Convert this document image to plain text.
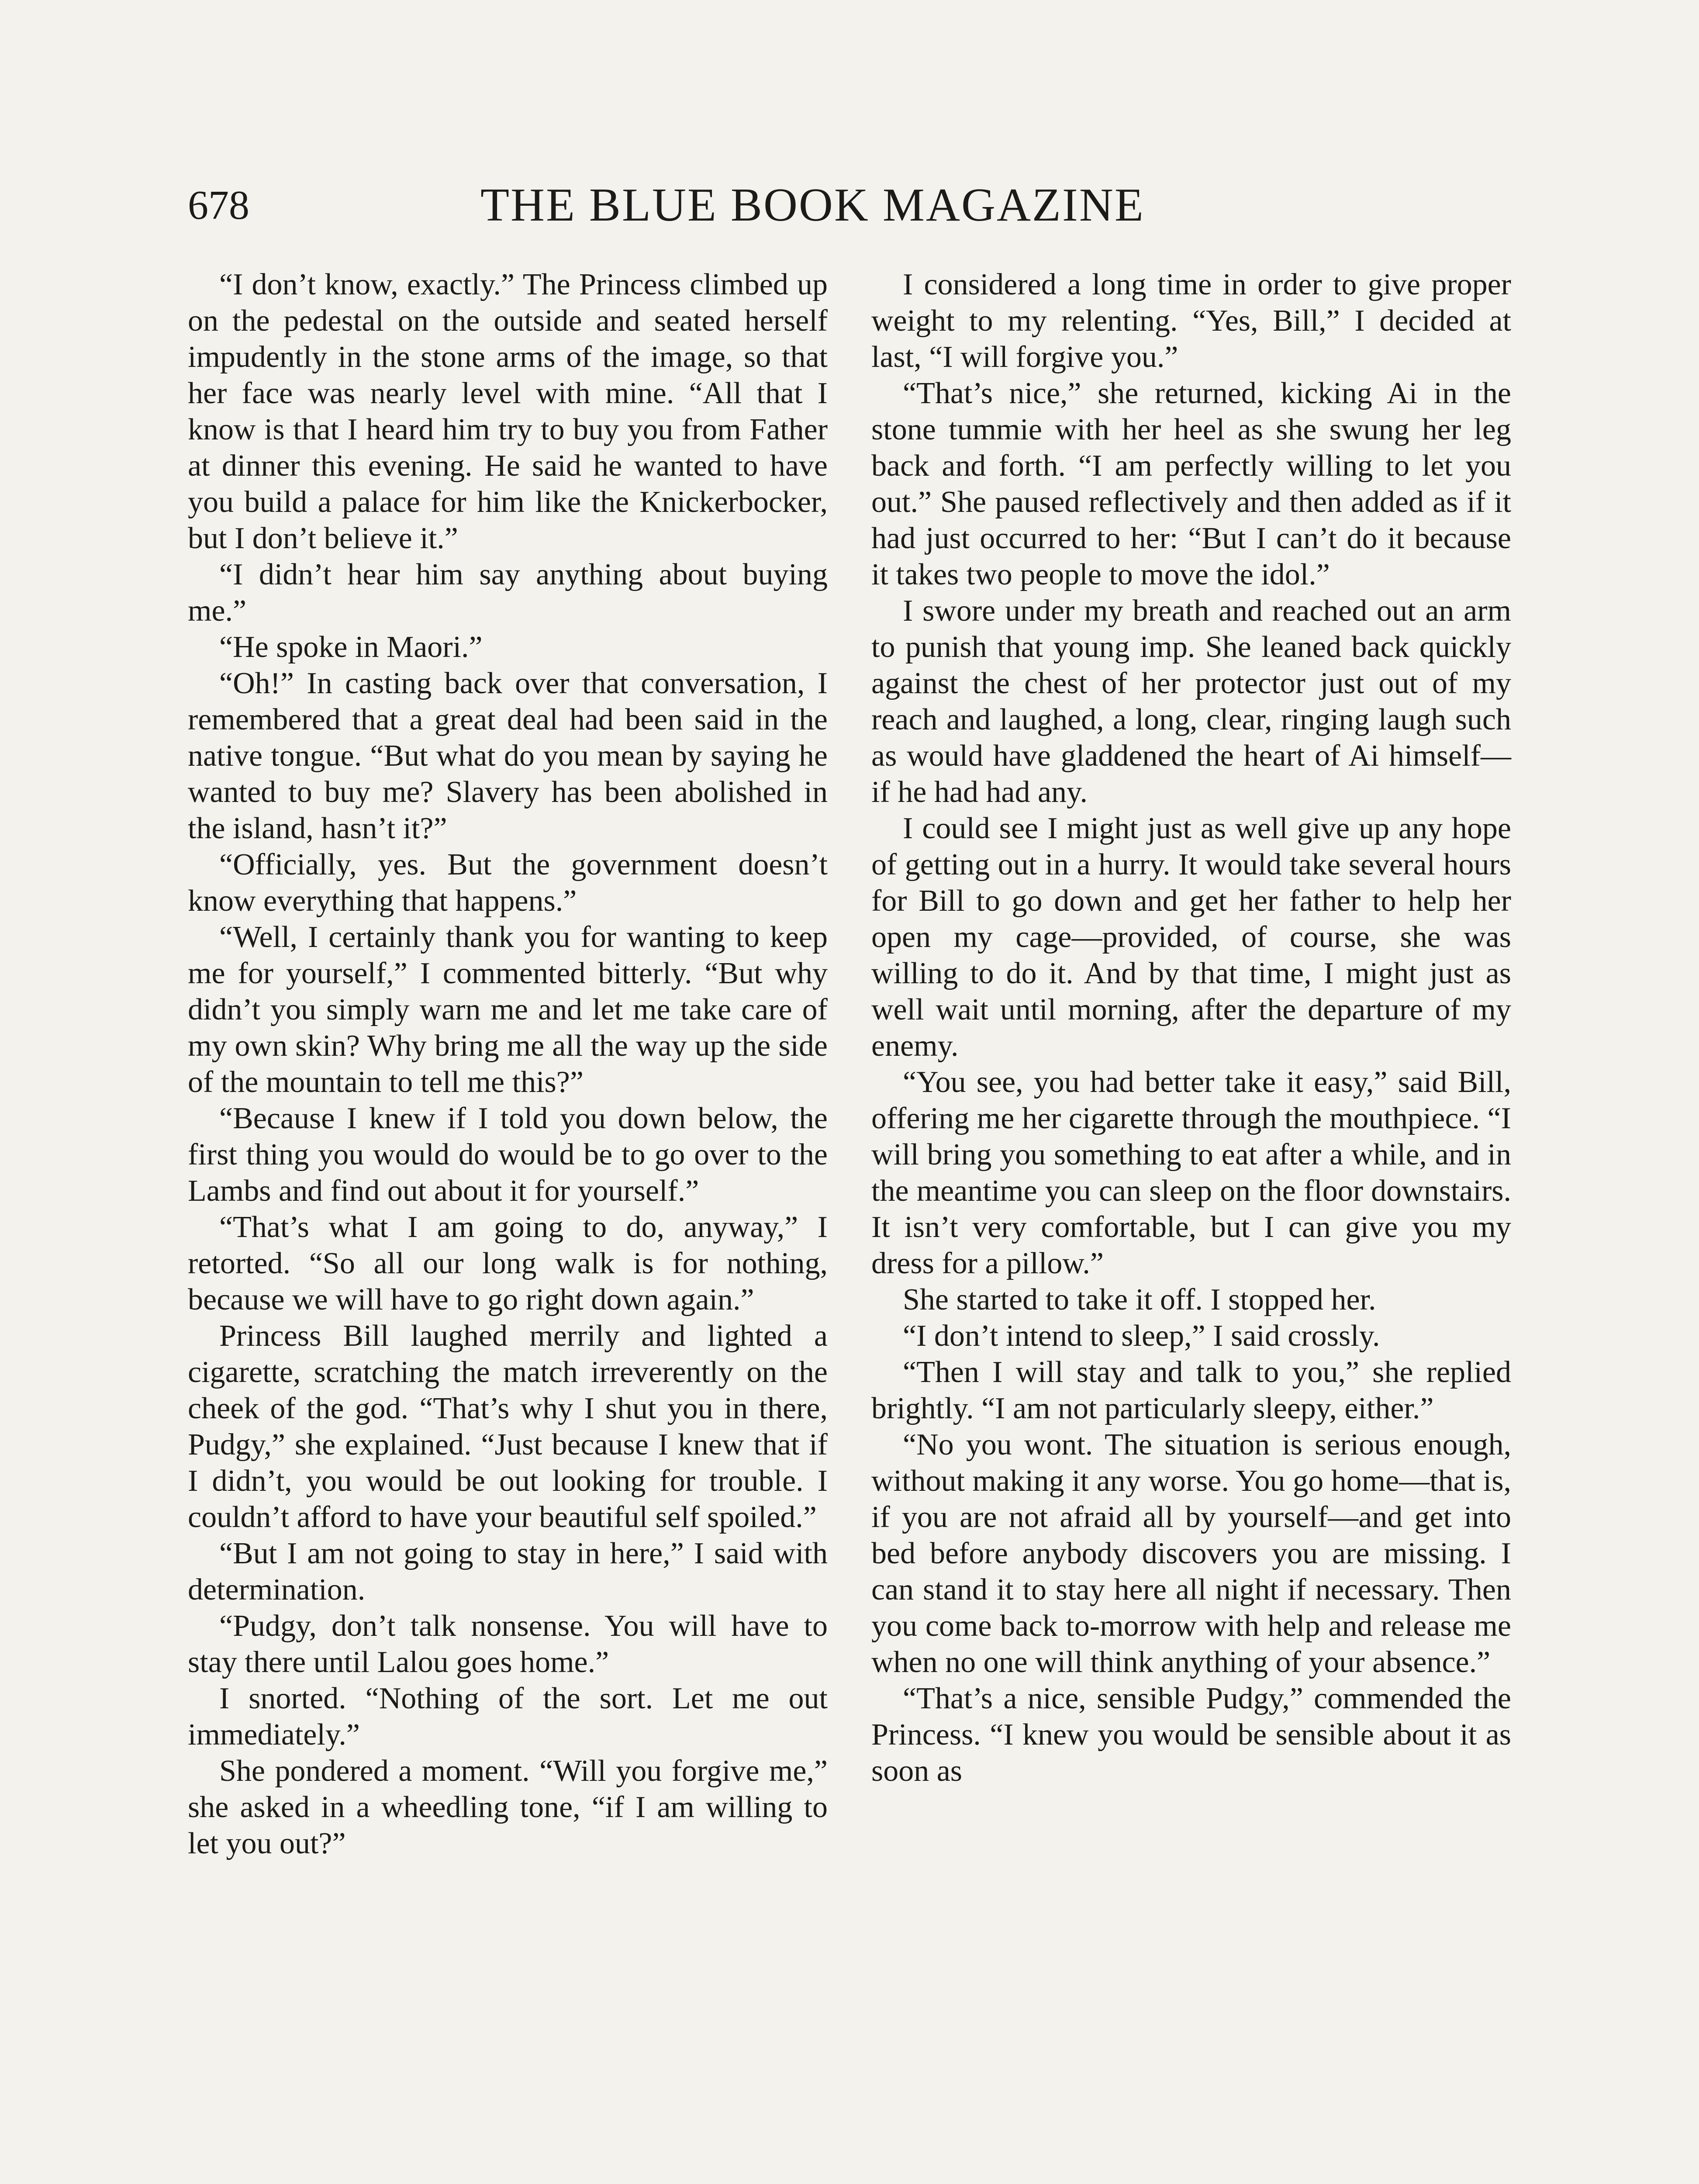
678	THE BLUE BOOK MAGAZINE

“I don’t know, exactly.” The Princess climbed up on the pedestal on the outside and seated herself impudently in the stone arms of the image, so that her face was nearly level with mine. “All that I know is that I heard him try to buy you from Father at dinner this evening. He said he wanted to have you build a palace for him like the Knickerbocker, but I don’t believe it.”

“I didn’t hear him say anything about buying me.”

“He spoke in Maori.”

“Oh!” In casting back over that conversation, I remembered that a great deal had been said in the native tongue. “But what do you mean by saying he wanted to buy me? Slavery has been abolished in the island, hasn’t it?”

“Officially, yes. But the government doesn’t know everything that happens.”

“Well, I certainly thank you for wanting to keep me for yourself,” I commented bitterly. “But why didn’t you simply warn me and let me take care of my own skin? Why bring me all the way up the side of the mountain to tell me this?”

“Because I knew if I told you down below, the first thing you would do would be to go over to the Lambs and find out about it for yourself.”

“That’s what I am going to do, anyway,” I retorted. “So all our long walk is for nothing, because we will have to go right down again.”

Princess Bill laughed merrily and lighted a cigarette, scratching the match irreverently on the cheek of the god. “That’s why I shut you in there, Pudgy,” she explained. “Just because I knew that if I didn’t, you would be out looking for trouble. I couldn’t afford to have your beautiful self spoiled.”

“But I am not going to stay in here,” I said with determination.

“Pudgy, don’t talk nonsense. You will have to stay there until Lalou goes home.”

I snorted. “Nothing of the sort. Let me out immediately.”

She pondered a moment. “Will you forgive me,” she asked in a wheedling tone, “if I am willing to let you out?”

I considered a long time in order to give proper weight to my relenting. “Yes, Bill,” I decided at last, “I will forgive you.”

“That’s nice,” she returned, kicking Ai in the stone tummie with her heel as she swung her leg back and forth. “I am perfectly willing to let you out.” She paused reflectively and then added as if it had just occurred to her: “But I can’t do it because it takes two people to move the idol.”

I swore under my breath and reached out an arm to punish that young imp. She leaned back quickly against the chest of her protector just out of my reach and laughed, a long, clear, ringing laugh such as would have gladdened the heart of Ai himself—if he had had any.

I could see I might just as well give up any hope of getting out in a hurry. It would take several hours for Bill to go down and get her father to help her open my cage—provided, of course, she was willing to do it. And by that time, I might just as well wait until morning, after the departure of my enemy.

“You see, you had better take it easy,” said Bill, offering me her cigarette through the mouthpiece. “I will bring you something to eat after a while, and in the meantime you can sleep on the floor downstairs. It isn’t very comfortable, but I can give you my dress for a pillow.”

She started to take it off. I stopped her.

“I don’t intend to sleep,” I said crossly.

“Then I will stay and talk to you,” she replied brightly. “I am not particularly sleepy, either.”

“No you wont. The situation is serious enough, without making it any worse. You go home—that is, if you are not afraid all by yourself—and get into bed before anybody discovers you are missing. I can stand it to stay here all night if necessary. Then you come back to-morrow with help and release me when no one will think anything of your absence.”

“That’s a nice, sensible Pudgy,” commended the Princess. “I knew you would be sensible about it as soon as
